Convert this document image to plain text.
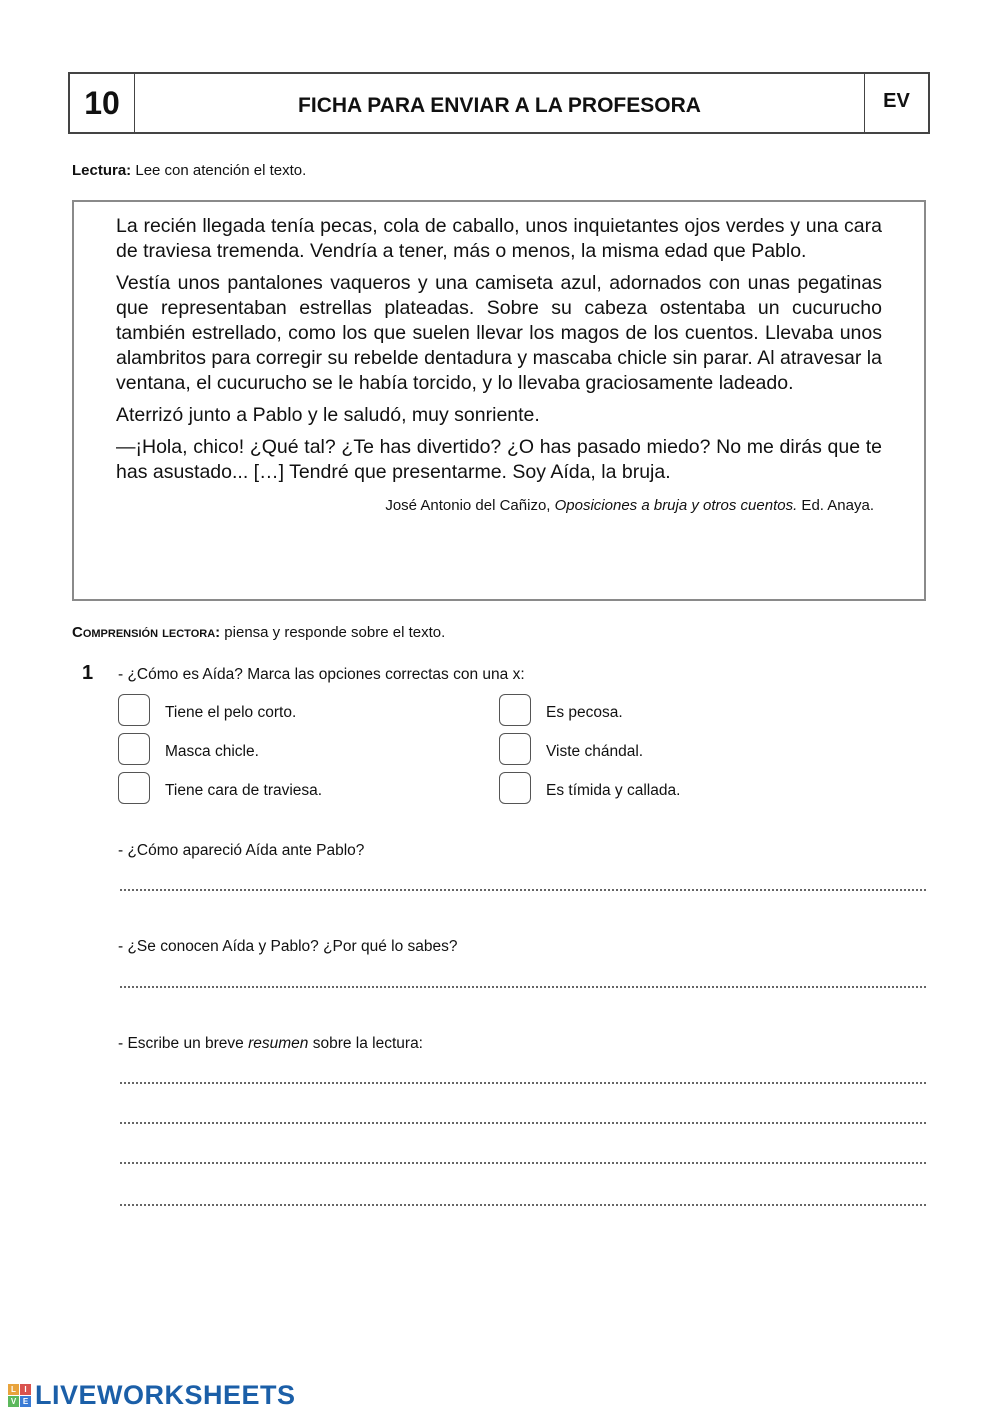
10	FICHA PARA ENVIAR A LA PROFESORA	EV
Lectura: Lee con atención el texto.

La recién llegada tenía pecas, cola de caballo, unos inquietantes ojos verdes y una cara de traviesa tremenda. Vendría a tener, más o menos, la misma edad que Pablo.

Vestía unos pantalones vaqueros y una camiseta azul, adornados con unas pegatinas que representaban estrellas plateadas. Sobre su cabeza ostentaba un cucurucho también estrellado, como los que suelen llevar los magos de los cuentos. Llevaba unos alambritos para corregir su rebelde dentadura y mascaba chicle sin parar. Al atravesar la ventana, el cucurucho se le había torcido, y lo llevaba graciosamente ladeado.

Aterrizó junto a Pablo y le saludó, muy sonriente.

—¡Hola, chico! ¿Qué tal? ¿Te has divertido? ¿O has pasado miedo? No me dirás que te has asustado... […] Tendré que presentarme. Soy Aída, la bruja.

José Antonio del Cañizo, Oposiciones a bruja y otros cuentos. Ed. Anaya.
Comprensión lectora: piensa y responde sobre el texto.
1 - ¿Cómo es Aída? Marca las opciones correctas con una x:
Tiene el pelo corto.
Masca chicle.
Tiene cara de traviesa.
Es pecosa.
Viste chándal.
Es tímida y callada.
- ¿Cómo apareció Aída ante Pablo?
- ¿Se conocen Aída y Pablo? ¿Por qué lo sabes?
- Escribe un breve resumen sobre la lectura:
L	I
V E LIVEWORKSHEETS
